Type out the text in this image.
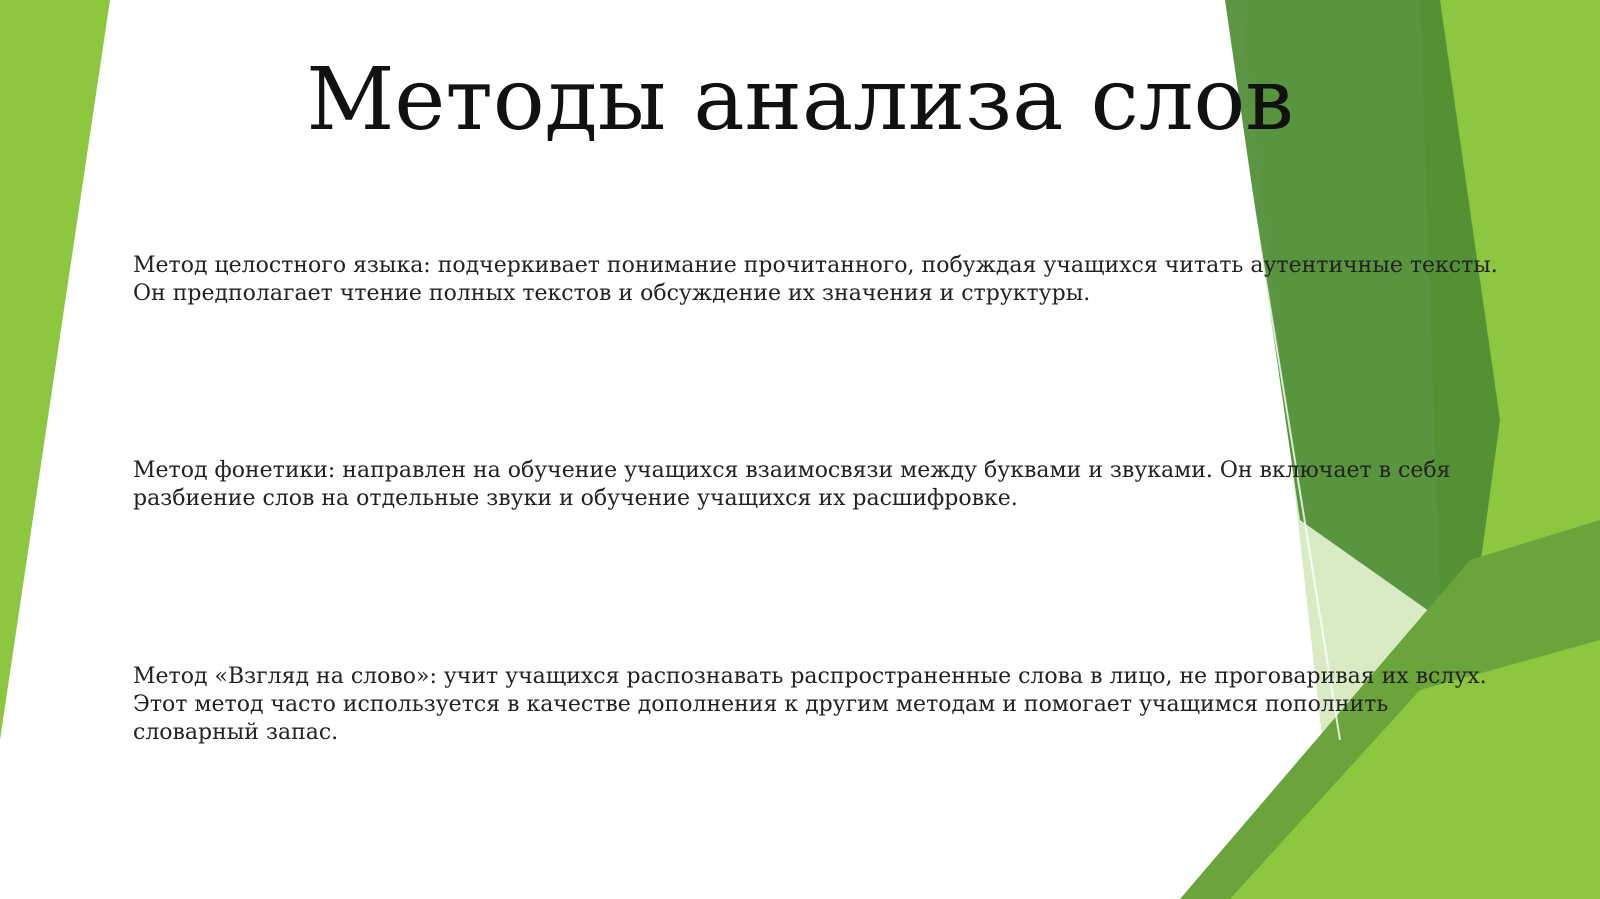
Методы анализа слов

Метод целостного языка: подчеркивает понимание прочитанного, побуждая учащихся читать аутентичные тексты. Он предполагает чтение полных текстов и обсуждение их значения и структуры.

Метод фонетики: направлен на обучение учащихся взаимосвязи между буквами и звуками. Он включает в себя разбиение слов на отдельные звуки и обучение учащихся их расшифровке.

Метод «Взгляд на слово»: учит учащихся распознавать распространенные слова в лицо, не проговаривая их вслух. Этот метод часто используется в качестве дополнения к другим методам и помогает учащимся пополнить словарный запас.
